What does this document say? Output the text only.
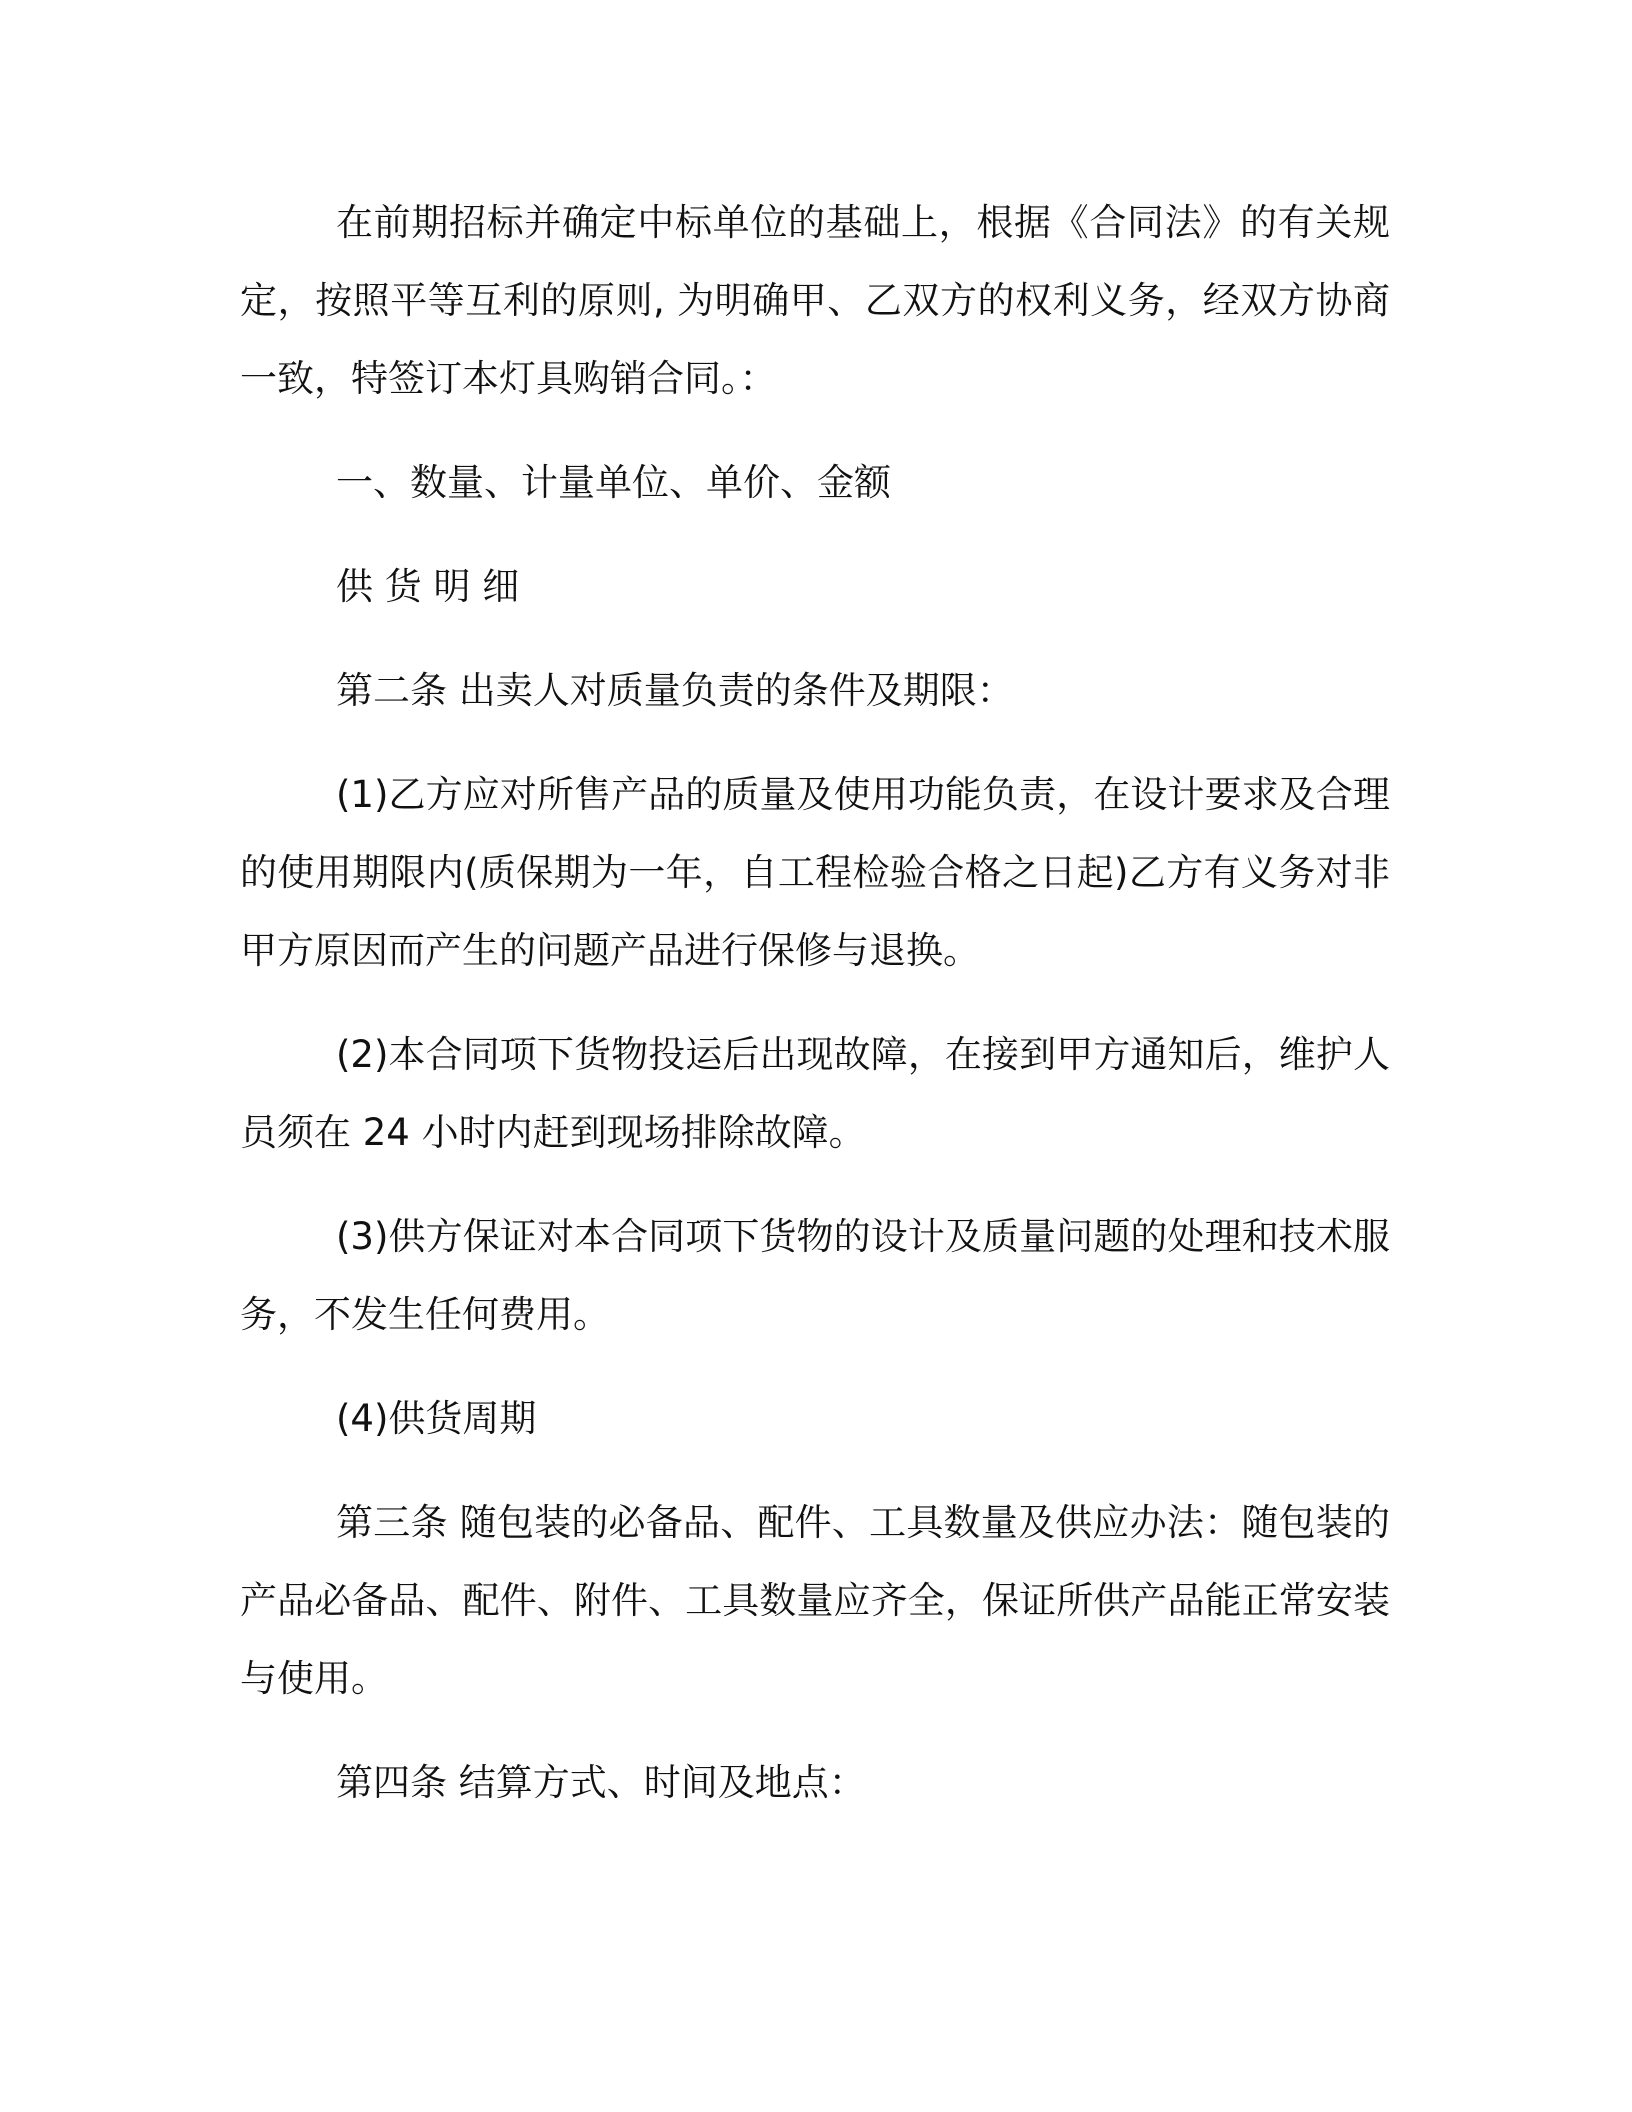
在前期招标并确定中标单位的基础上，根据《合同法》的有关规定，按照平等互利的原则, 为明确甲、乙双方的权利义务，经双方协商一致，特签订本灯具购销合同。：

一、数量、计量单位、单价、金额

供 货 明 细

第二条 出卖人对质量负责的条件及期限：

(1)乙方应对所售产品的质量及使用功能负责，在设计要求及合理的使用期限内(质保期为一年，自工程检验合格之日起)乙方有义务对非甲方原因而产生的问题产品进行保修与退换。

(2)本合同项下货物投运后出现故障，在接到甲方通知后，维护人员须在 24 小时内赶到现场排除故障。

(3)供方保证对本合同项下货物的设计及质量问题的处理和技术服务，不发生任何费用。

(4)供货周期

第三条 随包装的必备品、配件、工具数量及供应办法：随包装的产品必备品、配件、附件、工具数量应齐全，保证所供产品能正常安装与使用。

第四条 结算方式、时间及地点：
